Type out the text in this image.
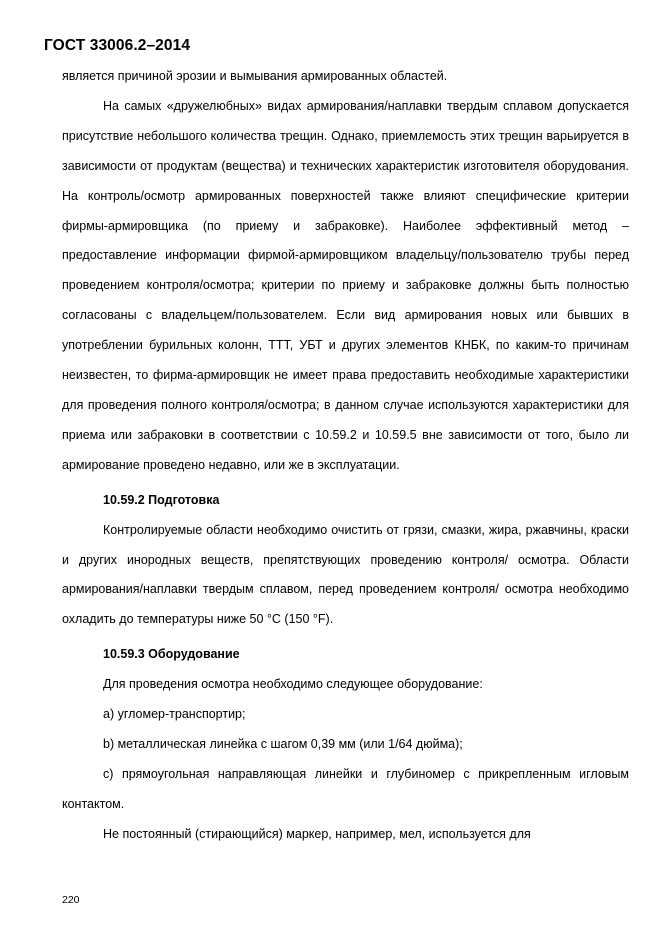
ГОСТ 33006.2–2014

является причиной эрозии и вымывания армированных областей.

На самых «дружелюбных» видах армирования/наплавки твердым сплавом допускается присутствие небольшого количества трещин. Однако, приемлемость этих трещин варьируется в зависимости от продуктам (вещества) и технических характеристик изготовителя оборудования. На контроль/осмотр армированных поверхностей также влияют специфические критерии фирмы-армировщика (по приему и забраковке). Наиболее эффективный метод – предоставление информации фирмой-армировщиком владельцу/пользователю трубы перед проведением контроля/осмотра; критерии по приему и забраковке должны быть полностью согласованы с владельцем/пользователем. Если вид армирования новых или бывших в употреблении бурильных колонн, ТТТ, УБТ и других элементов КНБК, по каким-то причинам неизвестен, то фирма-армировщик не имеет права предоставить необходимые характеристики для проведения полного контроля/осмотра; в данном случае используются характеристики для приема или забраковки в соответствии с 10.59.2 и 10.59.5 вне зависимости от того, было ли армирование проведено недавно, или же в эксплуатации.

10.59.2 Подготовка

Контролируемые области необходимо очистить от грязи, смазки, жира, ржавчины, краски и других инородных веществ, препятствующих проведению контроля/ осмотра. Области армирования/наплавки твердым сплавом, перед проведением контроля/ осмотра необходимо охладить до температуры ниже 50 °С (150 °F).

10.59.3 Оборудование

Для проведения осмотра необходимо следующее оборудование:

а) угломер-транспортир;

b) металлическая линейка с шагом 0,39 мм (или 1/64 дюйма);

с) прямоугольная направляющая линейки и глубиномер с прикрепленным игловым контактом.

Не постоянный (стирающийся) маркер, например, мел, используется для

220
